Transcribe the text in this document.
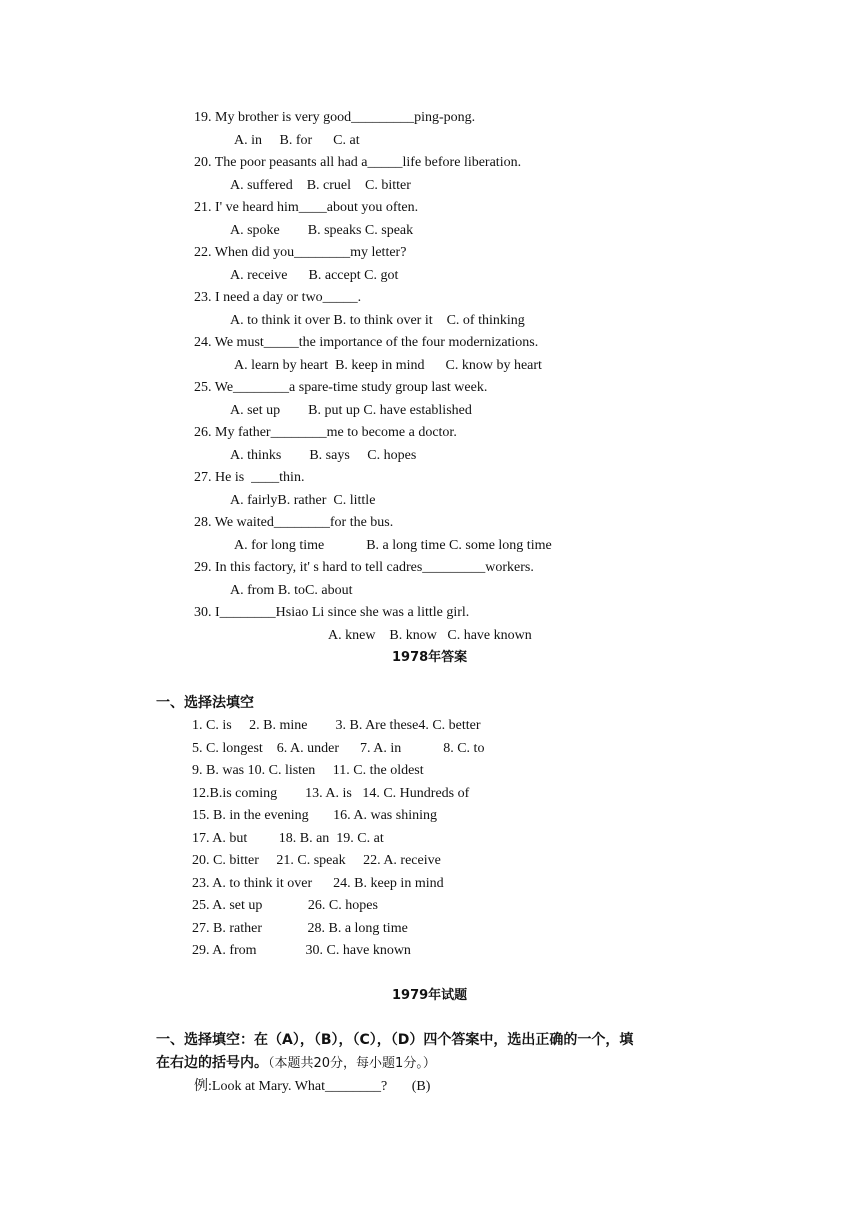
19. My brother is very good_________ping-pong.
A. in     B. for      C. at
20. The poor peasants all had a_____life before liberation.
A. suffered    B. cruel    C. bitter
21. I' ve heard him____about you often.
A. spoke        B. speaks C. speak
22. When did you________my letter?
A. receive      B. accept C. got
23. I need a day or two_____.
A. to think it over B. to think over it    C. of thinking
24. We must_____the importance of the four modernizations.
A. learn by heart  B. keep in mind      C. know by heart
25. We________a spare-time study group last week.
A. set up        B. put up C. have established
26. My father________me to become a doctor.
A. thinks        B. says     C. hopes
27. He is  ____thin.
A. fairlyB. rather  C. little
28. We waited________for the bus.
A. for long time            B. a long time C. some long time
29. In this factory, it' s hard to tell cadres_________workers.
A. from B. toC. about
30. I________Hsiao Li since she was a little girl.
A. knew    B. know   C. have known
1978年答案
一、选择法填空
1. C. is     2. B. mine        3. B. Are these4. C. better
5. C. longest    6. A. under      7. A. in            8. C. to
9. B. was 10. C. listen     11. C. the oldest
12.B.is coming        13. A. is   14. C. Hundreds of
15. B. in the evening       16. A. was shining
17. A. but         18. B. an  19. C. at
20. C. bitter     21. C. speak     22. A. receive
23. A. to think it over      24. B. keep in mind
25. A. set up             26. C. hopes
27. B. rather             28. B. a long time
29. A. from              30. C. have known
1979年试题
一、选择填空：在（A），（B），（C），（D）四个答案中，选出正确的一个，填
在右边的括号内。（本题共20分，每小题1分。）
例:Look at Mary. What________?       (B)
